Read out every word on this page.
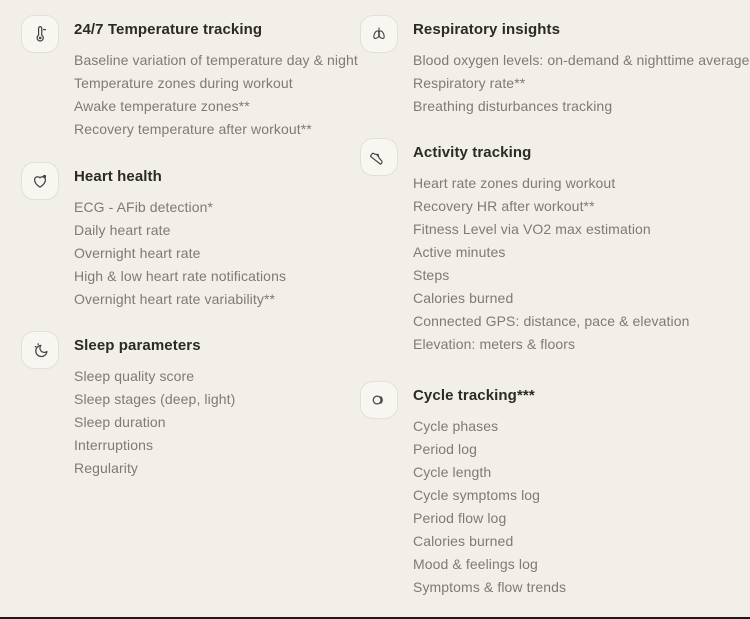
24/7 Temperature tracking
Baseline variation of temperature day & night
Temperature zones during workout
Awake temperature zones**
Recovery temperature after workout**
Heart health
ECG - AFib detection*
Daily heart rate
Overnight heart rate
High & low heart rate notifications
Overnight heart rate variability**
Sleep parameters
Sleep quality score
Sleep stages (deep, light)
Sleep duration
Interruptions
Regularity
Respiratory insights
Blood oxygen levels: on-demand & nighttime average
Respiratory rate**
Breathing disturbances tracking
Activity tracking
Heart rate zones during workout
Recovery HR after workout**
Fitness Level via VO2 max estimation
Active minutes
Steps
Calories burned
Connected GPS: distance, pace & elevation
Elevation: meters & floors
Cycle tracking***
Cycle phases
Period log
Cycle length
Cycle symptoms log
Period flow log
Calories burned
Mood & feelings log
Symptoms & flow trends
